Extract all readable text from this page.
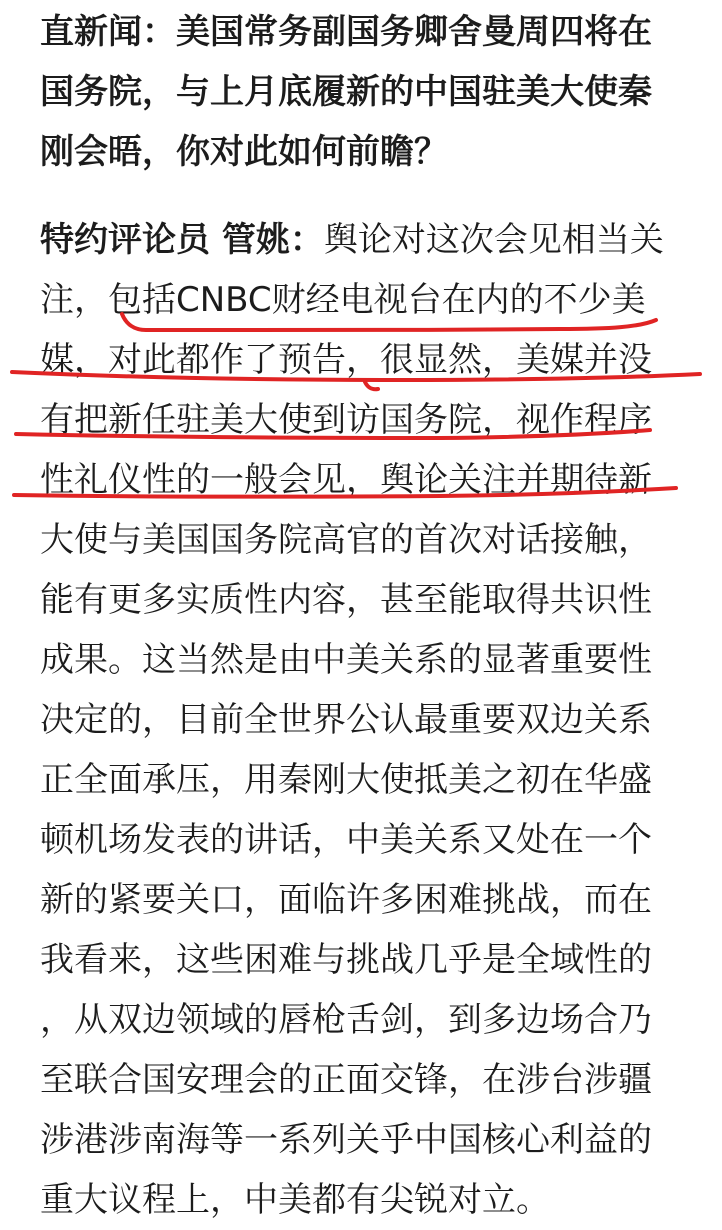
直新闻：美国常务副国务卿舍曼周四将在
国务院，与上月底履新的中国驻美大使秦
刚会晤，你对此如何前瞻？
特约评论员 管姚：舆论对这次会见相当关
注，包括CNBC财经电视台在内的不少美
媒，对此都作了预告，很显然，美媒并没
有把新任驻美大使到访国务院，视作程序
性礼仪性的一般会见，舆论关注并期待新
大使与美国国务院高官的首次对话接触，
能有更多实质性内容，甚至能取得共识性
成果。这当然是由中美关系的显著重要性
决定的，目前全世界公认最重要双边关系
正全面承压，用秦刚大使抵美之初在华盛
顿机场发表的讲话，中美关系又处在一个
新的紧要关口，面临许多困难挑战，而在
我看来，这些困难与挑战几乎是全域性的
，从双边领域的唇枪舌剑，到多边场合乃
至联合国安理会的正面交锋，在涉台涉疆
涉港涉南海等一系列关乎中国核心利益的
重大议程上，中美都有尖锐对立。
